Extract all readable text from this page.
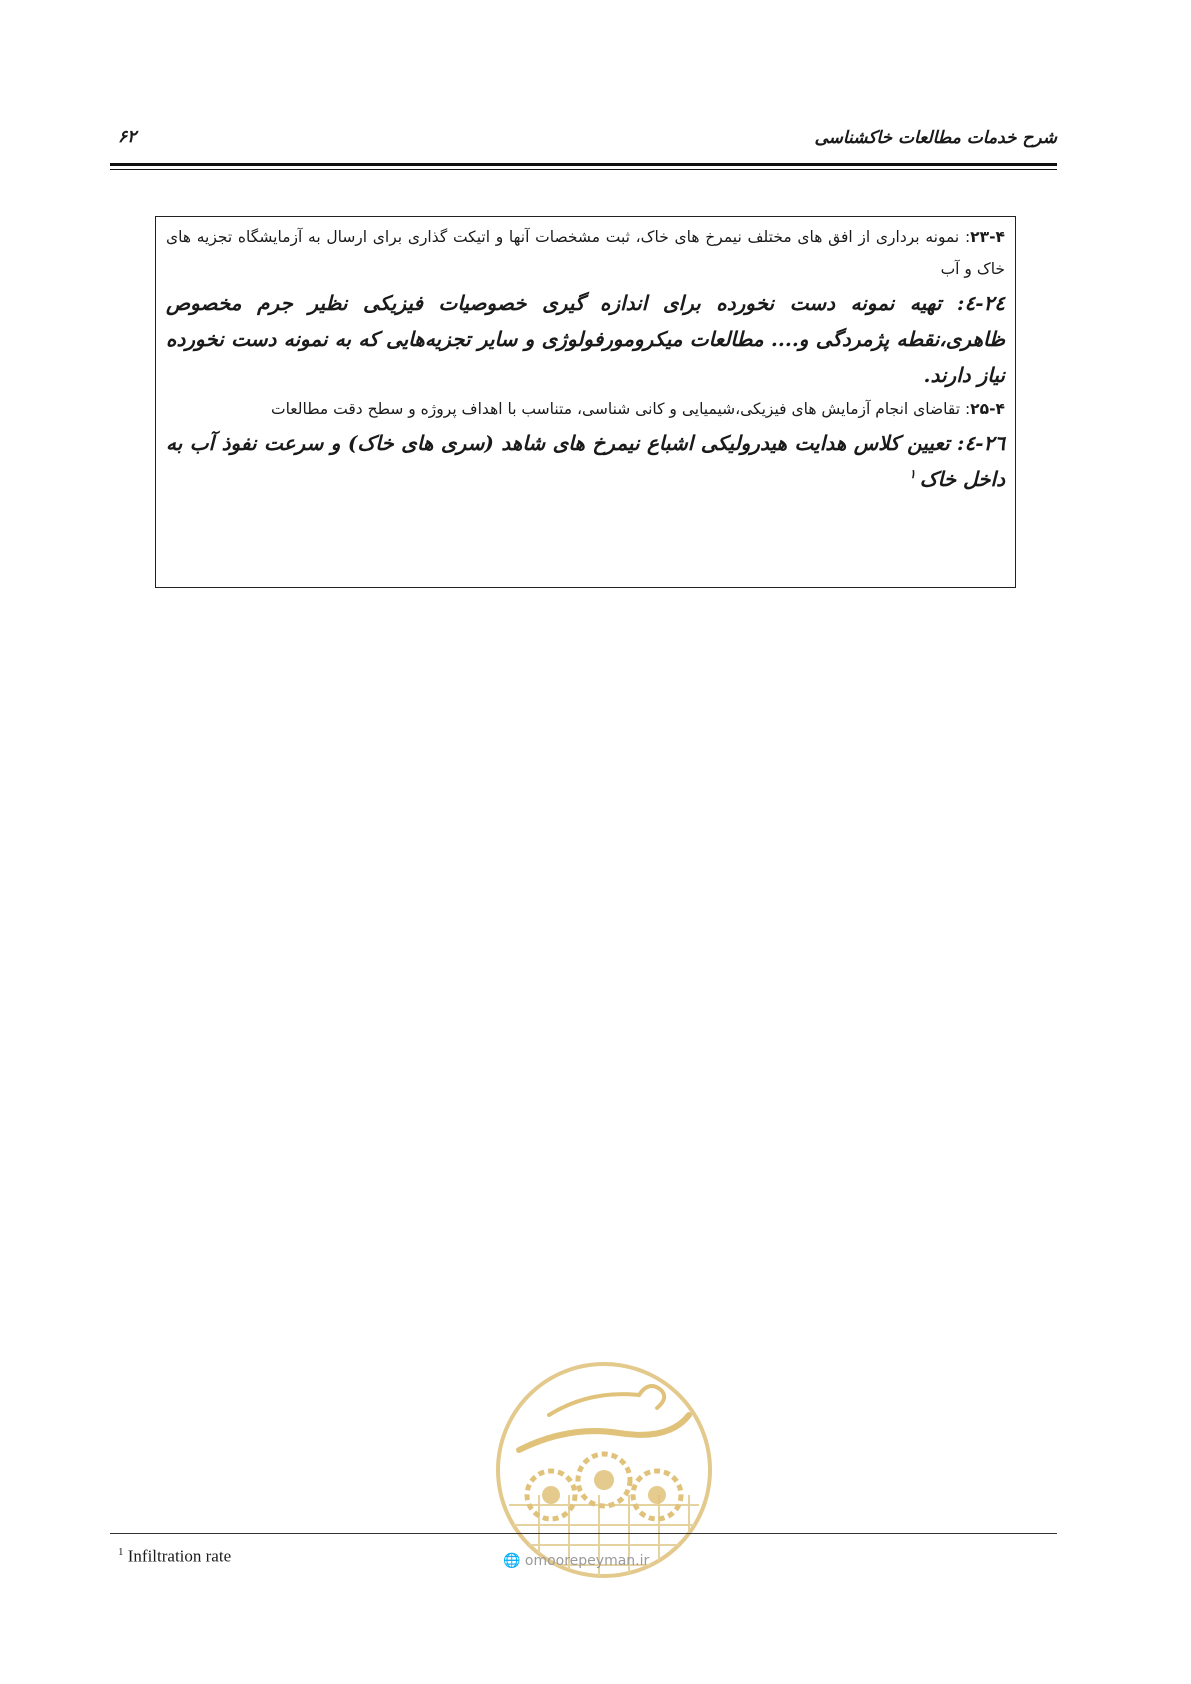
۶۲	شرح خدمات مطالعات خاکشناسی
۲۳-۴: نمونه برداری از افق های مختلف نیمرخ های خاک، ثبت مشخصات آنها و اتیکت گذاری برای ارسال به آزمایشگاه تجزیه های خاک و آب
۲٤-٤: تهیه نمونه دست نخورده برای اندازه گیری خصوصیات فیزیکی نظیر جرم مخصوص ظاهری،نقطه پژمردگی و.... مطالعات میکرومورفولوژی و سایر تجزیه‌هایی که به نمونه دست نخورده نیاز دارند.
۲۵-۴: تقاضای انجام آزمایش های فیزیکی،شیمیایی و کانی شناسی، متناسب با اهداف پروژه و سطح دقت مطالعات
۲٦-٤: تعیین کلاس هدایت هیدرولیکی اشباع نیمرخ های شاهد (سری های خاک) و سرعت نفوذ آب به داخل خاک$^۱$
$^1$ Infiltration rate	🌐 omoorepeyman.ir
